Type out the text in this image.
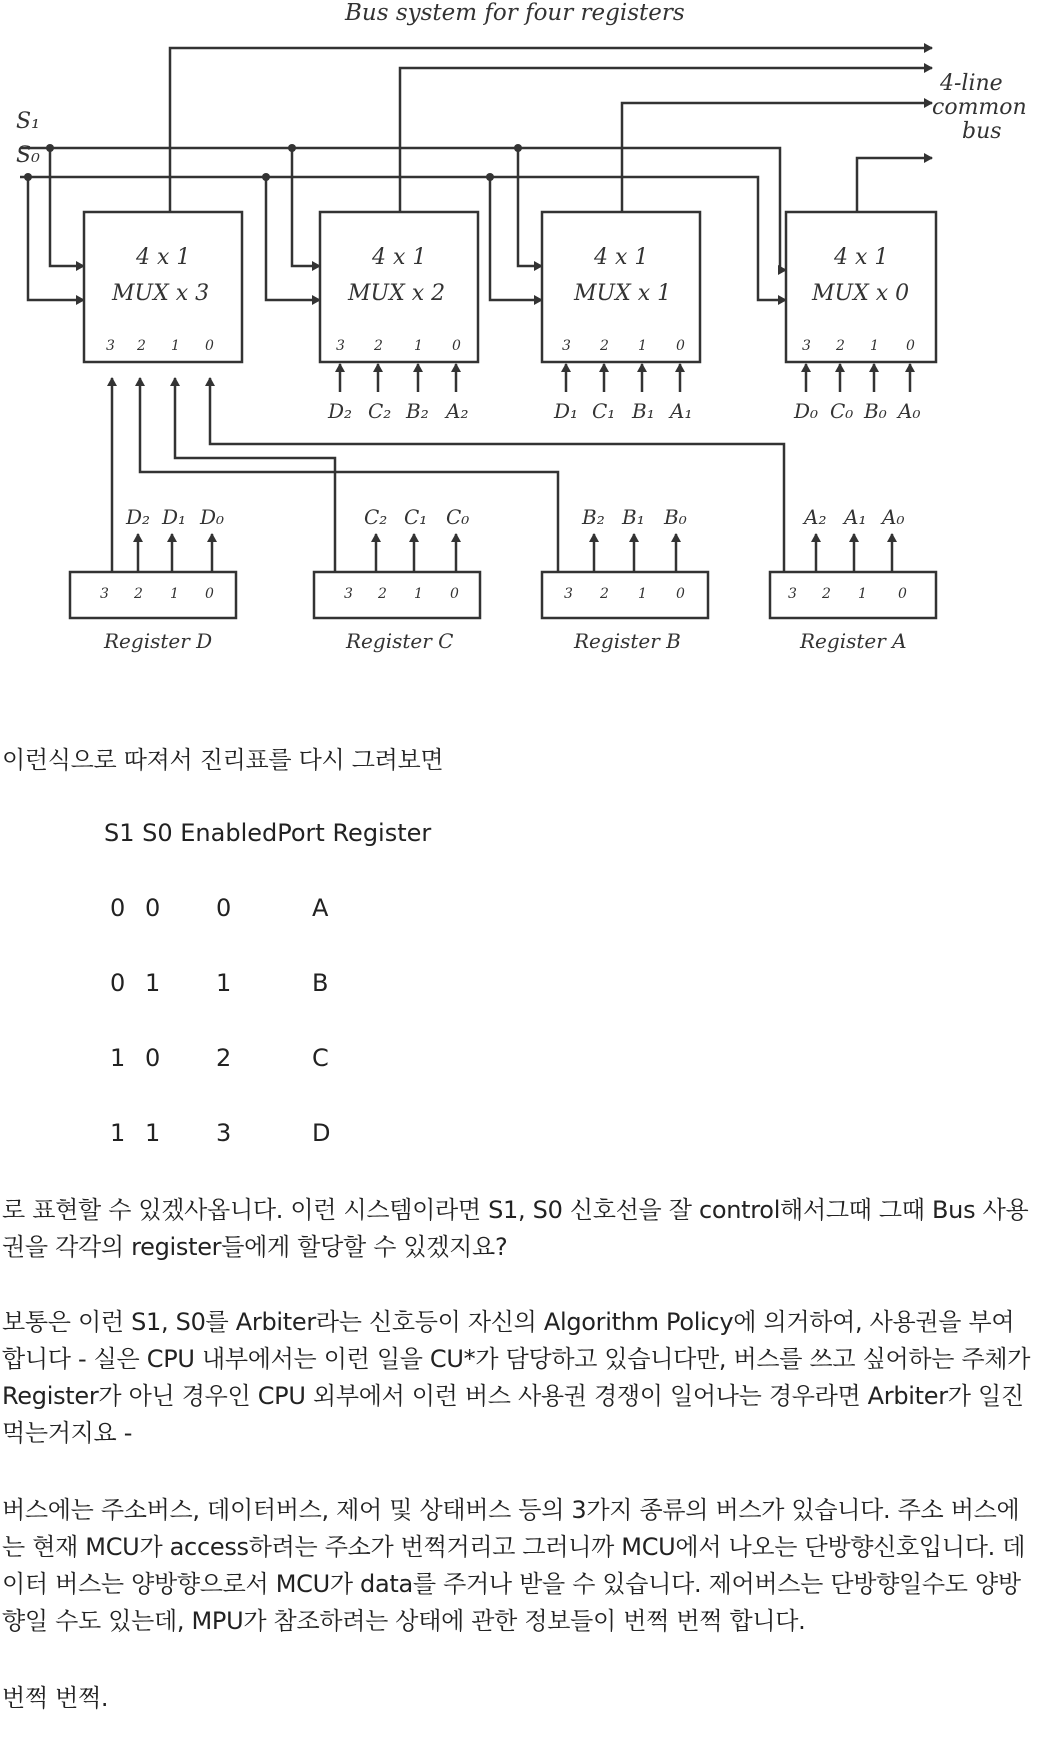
Bus system for four registers
S₁
S₀
4-line
common
bus
4 x 1
MUX x 3
4 x 1
MUX x 2
4 x 1
MUX x 1
4 x 1
MUX x 0
3 2 1 0	3 2 1 0	3 2 1 0	3 2 1 0
D₂ C₂ B₂ A₂	D₁ C₁ B₁ A₁	D₀ C₀ B₀ A₀
D₂ D₁ D₀	C₂ C₁ C₀	B₂ B₁ B₀	A₂ A₁ A₀
3 2 1 0	3 2 1 0	3 2 1 0	3 2 1 0
Register D	Register C	Register B	Register A

이런식으로 따져서 진리표를 다시 그려보면

S1 S0 EnabledPort Register
0 0 0	A
0 1 1	B
1 0 2	C
1 1 3	D

로 표현할 수 있겠사옵니다. 이런 시스템이라면 S1, S0 신호선을 잘 control해서그때 그때 Bus 사용권을 각각의 register들에게 할당할 수 있겠지요?

보통은 이런 S1, S0를 Arbiter라는 신호등이 자신의 Algorithm Policy에 의거하여, 사용권을 부여 합니다 - 실은 CPU 내부에서는 이런 일을 CU*가 담당하고 있습니다만, 버스를 쓰고 싶어하는 주체가 Register가 아닌 경우인 CPU 외부에서 이런 버스 사용권 경쟁이 일어나는 경우라면 Arbiter가 일진 먹는거지요 -

버스에는 주소버스, 데이터버스, 제어 및 상태버스 등의 3가지 종류의 버스가 있습니다. 주소 버스에는 현재 MCU가 access하려는 주소가 번쩍거리고 그러니까 MCU에서 나오는 단방향신호입니다. 데이터 버스는 양방향으로서 MCU가 data를 주거나 받을 수 있습니다. 제어버스는 단방향일수도 양방향일 수도 있는데, MPU가 참조하려는 상태에 관한 정보들이 번쩍 번쩍 합니다.

번쩍 번쩍.
